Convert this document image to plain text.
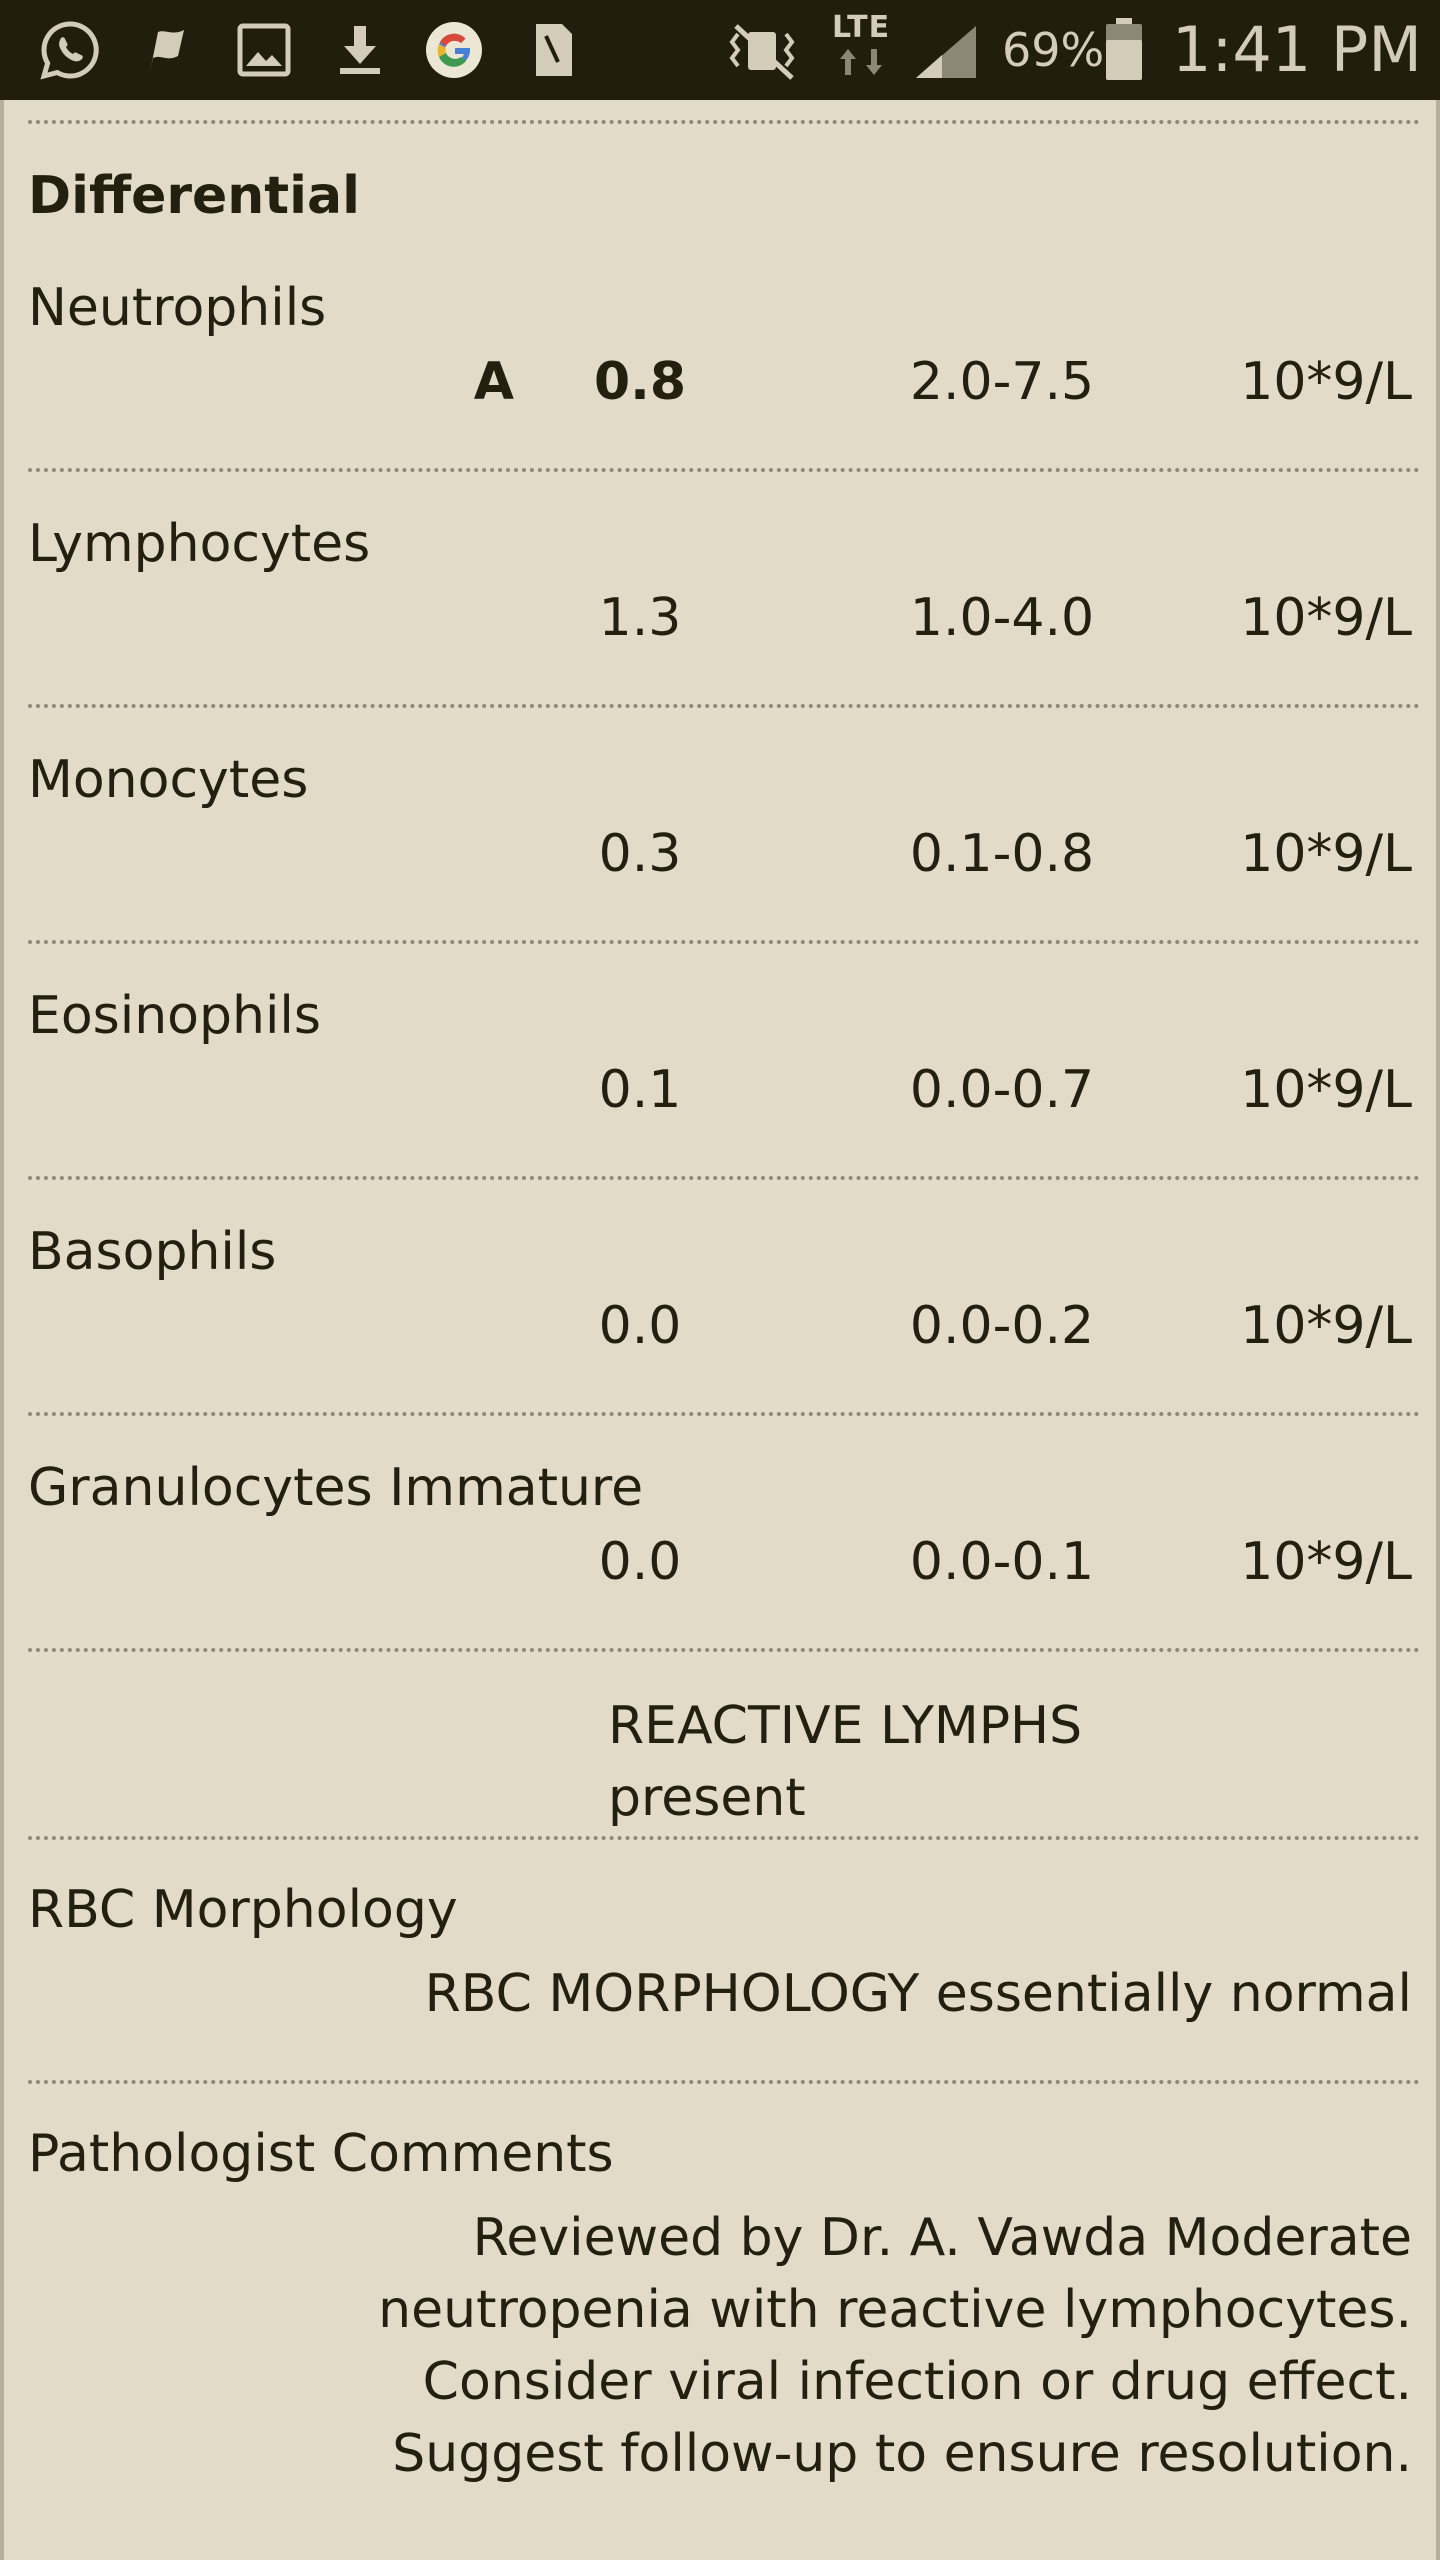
LTE 69% 1:41 PM
Differential
Neutrophils
A	0.8	2.0-7.5	10*9/L
Lymphocytes
1.3	1.0-4.0	10*9/L
Monocytes
0.3	0.1-0.8	10*9/L
Eosinophils
0.1	0.0-0.7	10*9/L
Basophils
0.0	0.0-0.2	10*9/L
Granulocytes Immature
0.0	0.0-0.1	10*9/L
REACTIVE LYMPHS
present
RBC Morphology
RBC MORPHOLOGY essentially normal
Pathologist Comments
Reviewed by Dr. A. Vawda Moderate neutropenia with reactive lymphocytes. Consider viral infection or drug effect. Suggest follow-up to ensure resolution.
